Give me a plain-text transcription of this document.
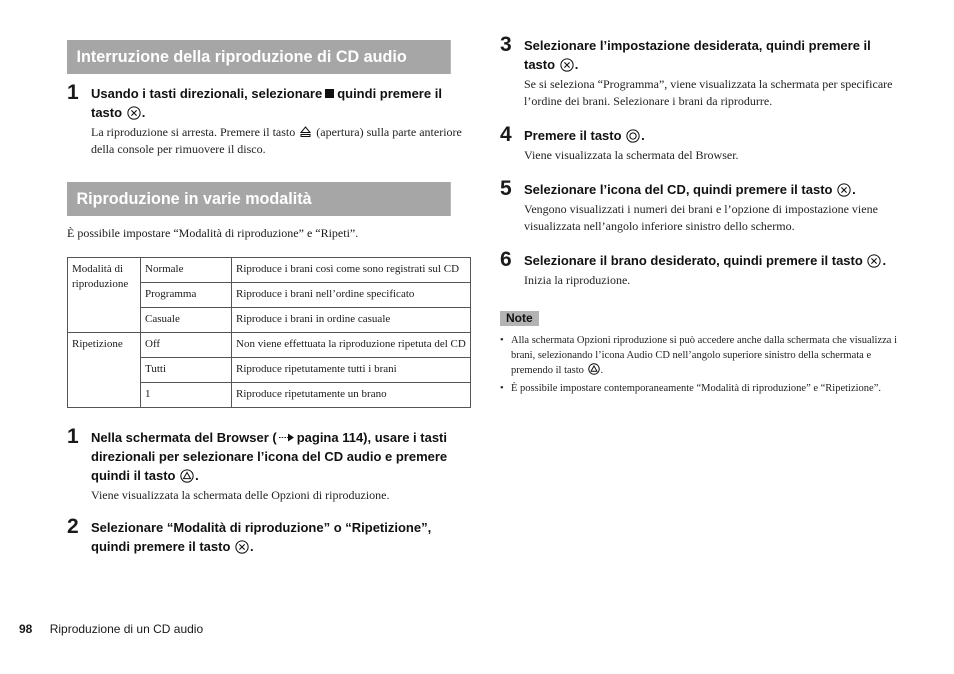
Interruzione della riproduzione di CD audio
1 Usando i tasti direzionali, selezionare quindi premere il tasto .
La riproduzione si arresta. Premere il tasto (apertura) sulla parte anteriore della console per rimuovere il disco.
Riproduzione in varie modalità

È possibile impostare “Modalità di riproduzione” e “Ripeti”.

Modalità di riproduzione	Normale	Riproduce i brani così come sono registrati sul CD
	Programma	Riproduce i brani nell’ordine specificato
	Casuale	Riproduce i brani in ordine casuale
Ripetizione	Off	Non viene effettuata la riproduzione ripetuta del CD
	Tutti	Riproduce ripetutamente tutti i brani
	1	Riproduce ripetutamente un brano
1 Nella schermata del Browser ( pagina 114), usare i tasti direzionali per selezionare l’icona del CD audio e premere quindi il tasto .
Viene visualizzata la schermata delle Opzioni di riproduzione.
2 Selezionare “Modalità di riproduzione” o “Ripetizione”, quindi premere il tasto .
3 Selezionare l’impostazione desiderata, quindi premere il tasto .
Se si seleziona “Programma”, viene visualizzata la schermata per specificare l’ordine dei brani. Selezionare i brani da riprodurre.
4 Premere il tasto .
Viene visualizzata la schermata del Browser.
5 Selezionare l’icona del CD, quindi premere il tasto .
Vengono visualizzati i numeri dei brani e l’opzione di impostazione viene visualizzata nell’angolo inferiore sinistro dello schermo.
6 Selezionare il brano desiderato, quindi premere il tasto .
Inizia la riproduzione.
Note
• Alla schermata Opzioni riproduzione si può accedere anche dalla schermata che visualizza i brani, selezionando l’icona Audio CD nell’angolo superiore sinistro della schermata e premendo il tasto .
• È possibile impostare contemporaneamente “Modalità di riproduzione” e “Ripetizione”.
98 Riproduzione di un CD audio
